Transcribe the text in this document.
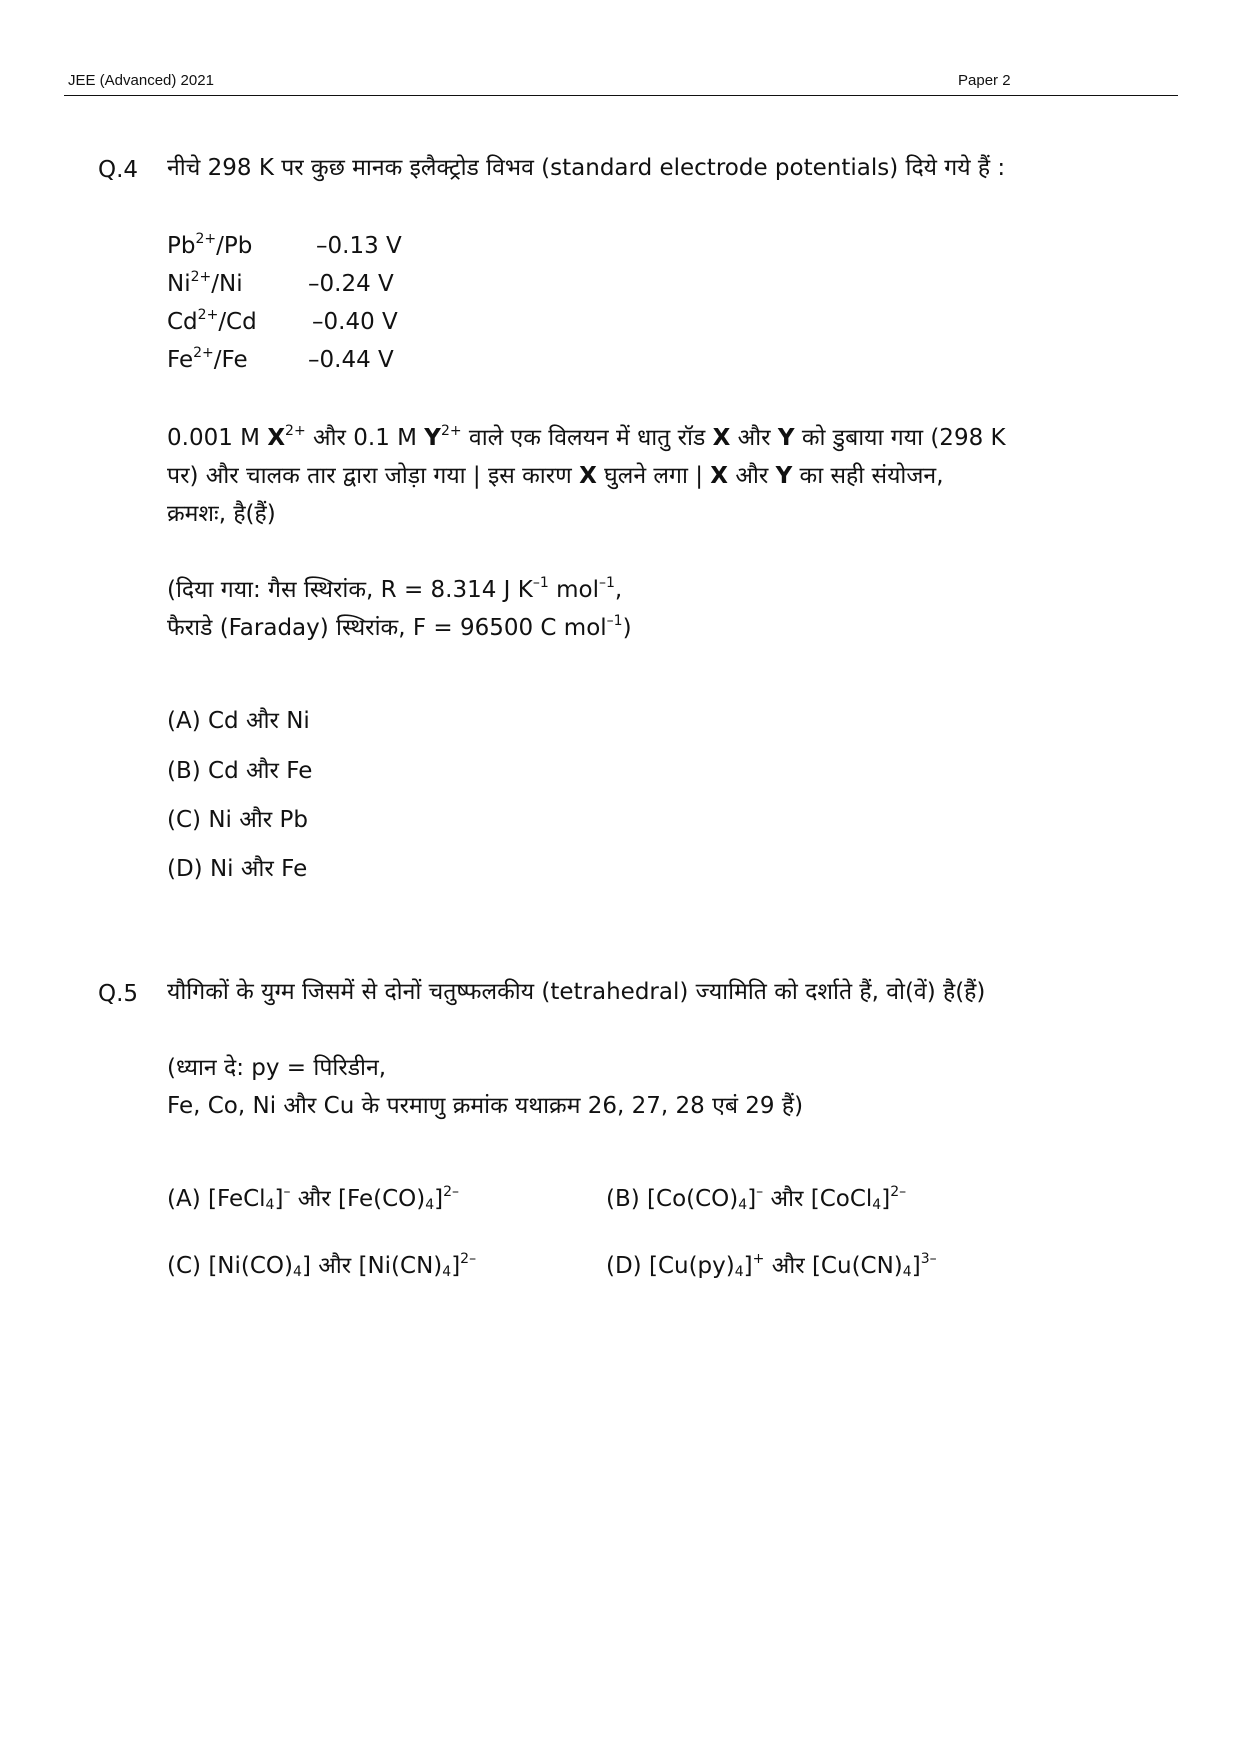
JEE (Advanced) 2021	Paper 2
Q.4 नीचे 298 K पर कुछ मानक इलैक्ट्रोड विभव (standard electrode potentials) दिये गये हैं :
$Pb^{2+}/Pb$	–0.13 V
$Ni^{2+}/Ni$	–0.24 V
$Cd^{2+}/Cd$ –0.40 V
$Fe^{2+}/Fe$	–0.44 V
0.001 M $X^{2+}$ और 0.1 M $Y^{2+}$ वाले एक विलयन में धातु रॉड X और Y को डुबाया गया (298 K
पर) और चालक तार द्वारा जोड़ा गया | इस कारण X घुलने लगा | X और Y का सही संयोजन,
क्रमशः, है(हैं)
(दिया गया: गैस स्थिरांक, R = 8.314 J $K^{-1}$ mol$^{-1}$,
फैराडे (Faraday) स्थिरांक, F = 96500 C mol$^{-1}$)
(A) Cd और Ni
(B) Cd और Fe
(C) Ni और Pb
(D) Ni और Fe
Q.5 यौगिकों के युग्म जिसमें से दोनों चतुष्फलकीय (tetrahedral) ज्यामिति को दर्शाते हैं, वो(वें) है(हैं)
(ध्यान दे: py = पिरिडीन,
Fe, Co, Ni और Cu के परमाणु क्रमांक यथाक्रम 26, 27, 28 एबं 29 हैं)
(A) [FeCl$_4$]– और $[Fe(CO)_4]^{2-}$	(B) $[Co(CO)_4]^-$ और [CoCl$_4$]$^{2-}$
(C) $[Ni(CO)_4]$ और $[Ni(CN)_4]^{2-}$	(D) $[Cu(py)_4]^+$ और $[Cu(CN)_4]^{3-}$
